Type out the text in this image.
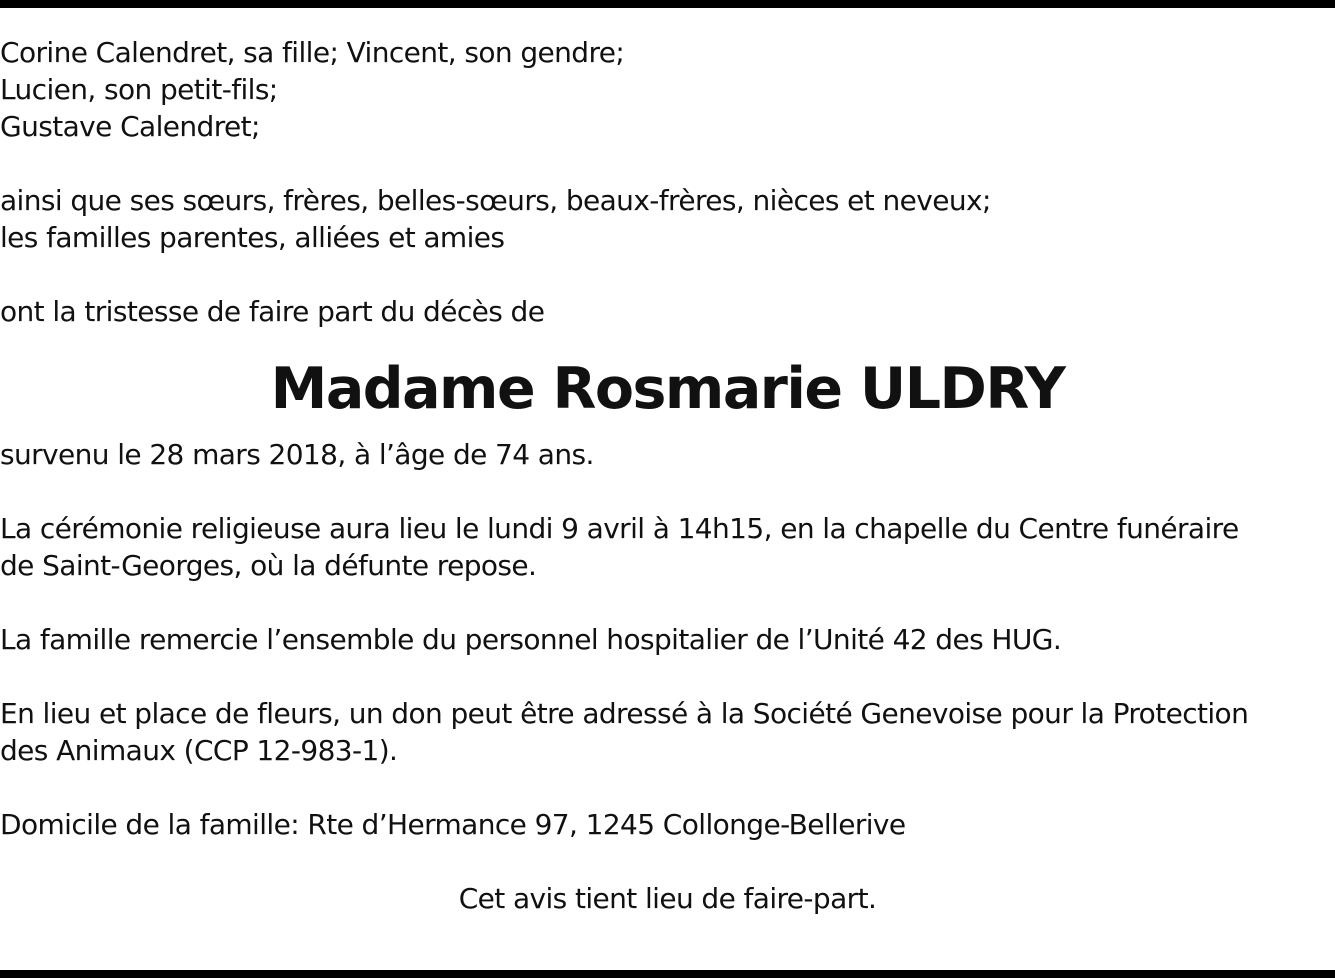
Corine Calendret, sa fille; Vincent, son gendre;
Lucien, son petit-fils;
Gustave Calendret;
ainsi que ses sœurs, frères, belles-sœurs, beaux-frères, nièces et neveux;
les familles parentes, alliées et amies
ont la tristesse de faire part du décès de
Madame Rosmarie ULDRY
survenu le 28 mars 2018, à l’âge de 74 ans.
La cérémonie religieuse aura lieu le lundi 9 avril à 14h15, en la chapelle du Centre funéraire
de Saint-Georges, où la défunte repose.
La famille remercie l’ensemble du personnel hospitalier de l’Unité 42 des HUG.
En lieu et place de fleurs, un don peut être adressé à la Société Genevoise pour la Protection
des Animaux (CCP 12-983-1).
Domicile de la famille: Rte d’Hermance 97, 1245 Collonge-Bellerive
Cet avis tient lieu de faire-part.
